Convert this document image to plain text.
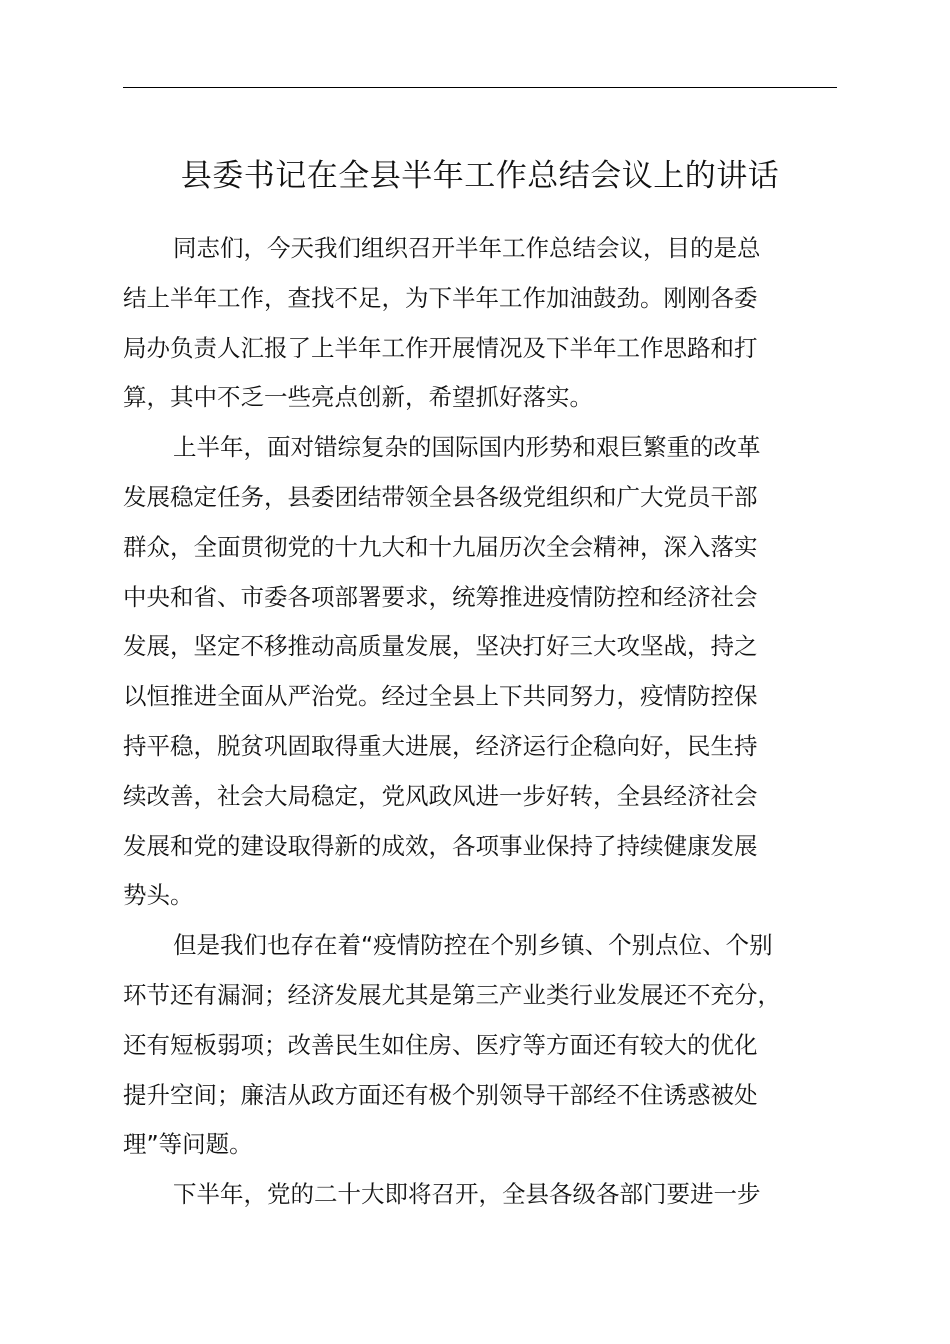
县委书记在全县半年工作总结会议上的讲话

同志们，今天我们组织召开半年工作总结会议，目的是总
结上半年工作，查找不足，为下半年工作加油鼓劲。刚刚各委
局办负责人汇报了上半年工作开展情况及下半年工作思路和打
算，其中不乏一些亮点创新，希望抓好落实。

上半年，面对错综复杂的国际国内形势和艰巨繁重的改革
发展稳定任务，县委团结带领全县各级党组织和广大党员干部
群众，全面贯彻党的十九大和十九届历次全会精神，深入落实
中央和省、市委各项部署要求，统筹推进疫情防控和经济社会
发展，坚定不移推动高质量发展，坚决打好三大攻坚战，持之
以恒推进全面从严治党。经过全县上下共同努力，疫情防控保
持平稳，脱贫巩固取得重大进展，经济运行企稳向好，民生持
续改善，社会大局稳定，党风政风进一步好转，全县经济社会
发展和党的建设取得新的成效，各项事业保持了持续健康发展
势头。

但是我们也存在着“疫情防控在个别乡镇、个别点位、个别
环节还有漏洞；经济发展尤其是第三产业类行业发展还不充分，
还有短板弱项；改善民生如住房、医疗等方面还有较大的优化
提升空间；廉洁从政方面还有极个别领导干部经不住诱惑被处
理”等问题。

下半年，党的二十大即将召开，全县各级各部门要进一步
